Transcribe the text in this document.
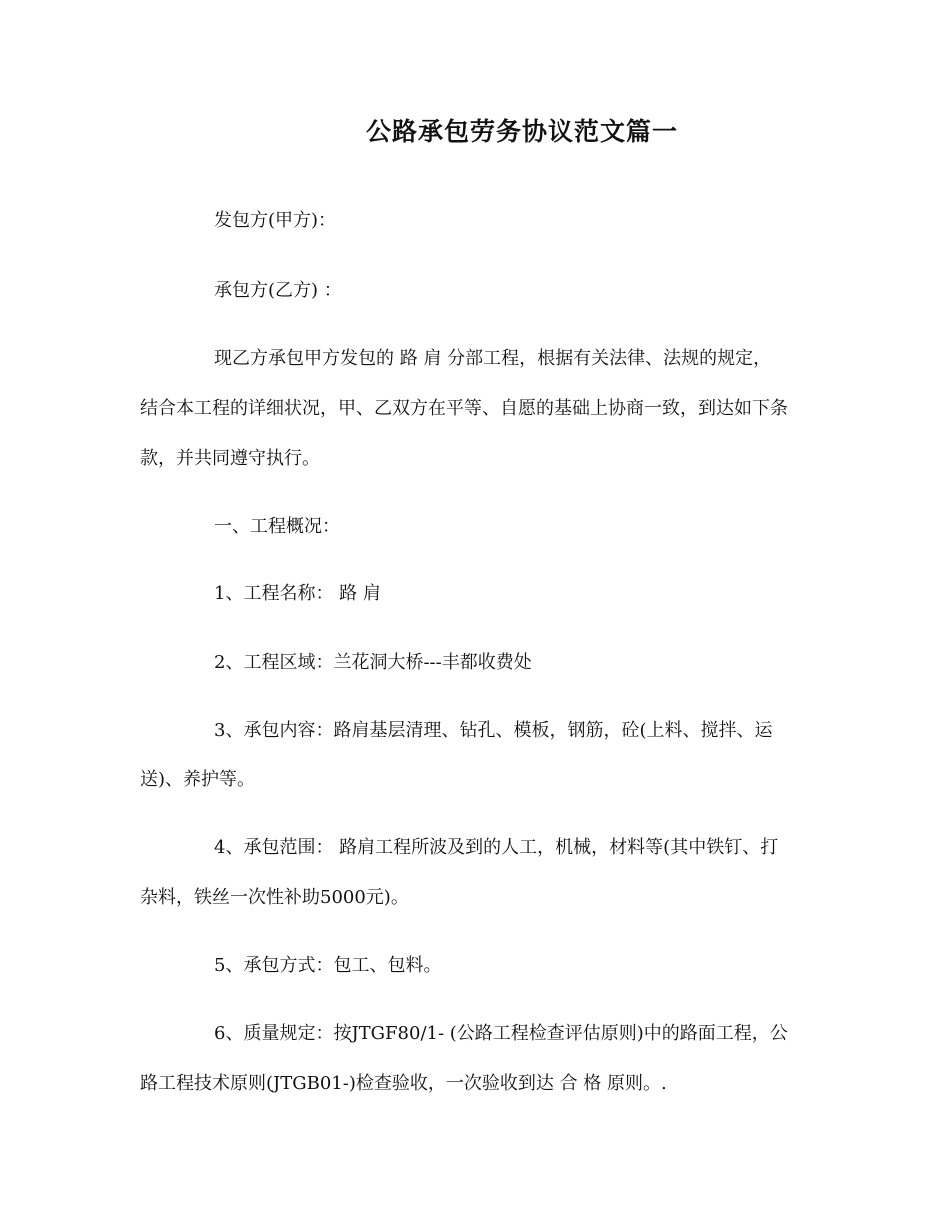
公路承包劳务协议范文篇一
发包方(甲方)：
承包方(乙方) ：
现乙方承包甲方发包的 路 肩 分部工程，根据有关法律、法规的规定，
结合本工程的详细状况，甲、乙双方在平等、自愿的基础上协商一致，到达如下条
款，并共同遵守执行。
一、工程概况：
1、工程名称： 路 肩
2、工程区域：兰花洞大桥---丰都收费处
3、承包内容：路肩基层清理、钻孔、模板，钢筋，砼(上料、搅拌、运
送)、养护等。
4、承包范围： 路肩工程所波及到的人工，机械，材料等(其中铁钉、打
杂料，铁丝一次性补助5000元)。
5、承包方式：包工、包料。
6、质量规定：按JTGF80/1- (公路工程检查评估原则)中的路面工程，公
路工程技术原则(JTGB01-)检查验收，一次验收到达 合 格 原则。.
